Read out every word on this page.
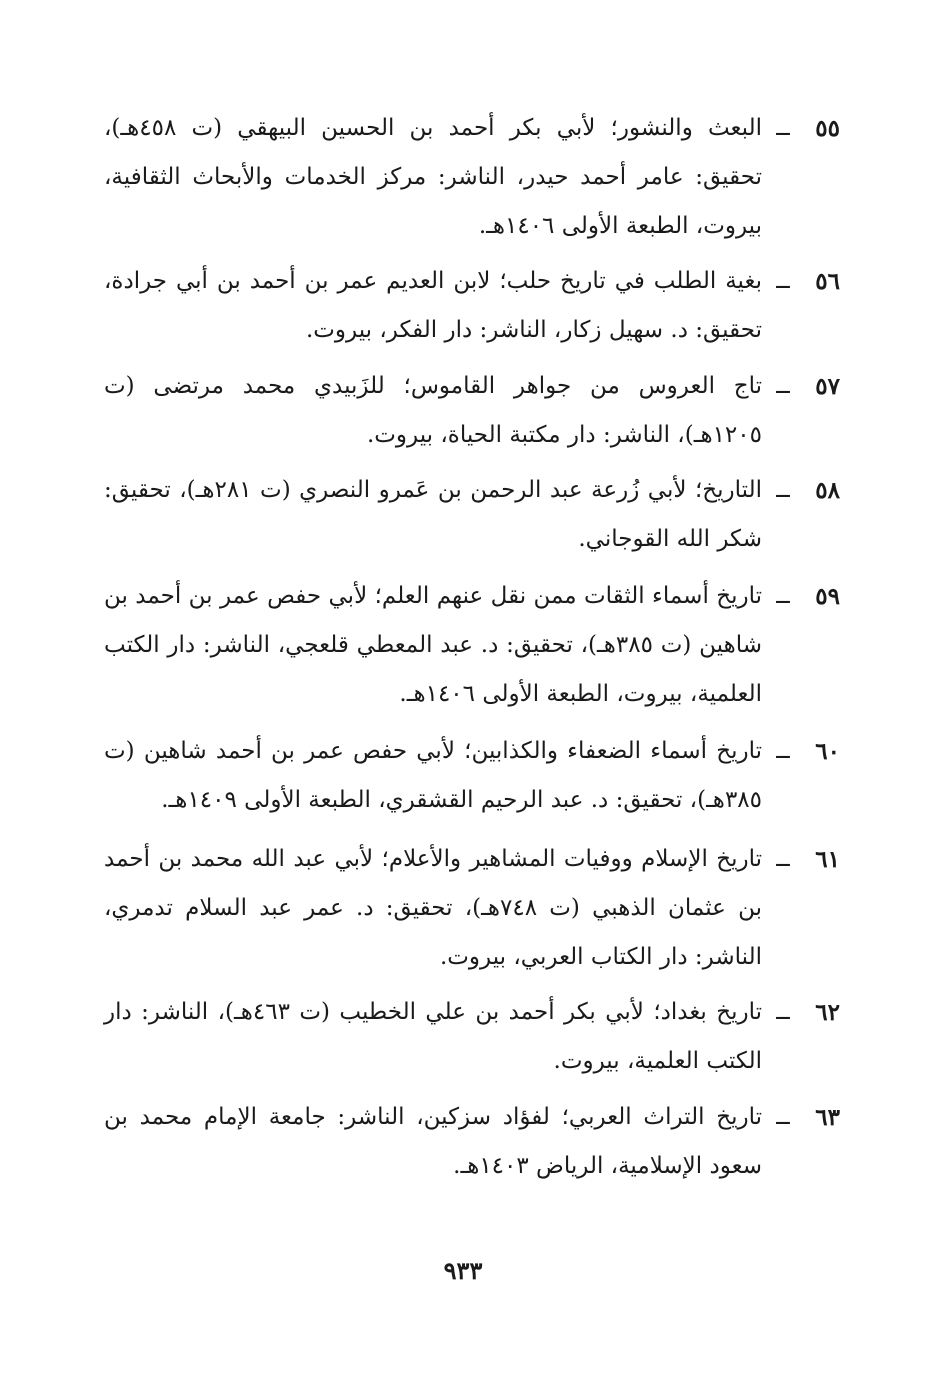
٥٥
ــ
البعث والنشور؛ لأبي بكر أحمد بن الحسين البيهقي (ت ٤٥٨هـ)، تحقيق: عامر أحمد حيدر، الناشر: مركز الخدمات والأبحاث الثقافية، بيروت، الطبعة الأولى ١٤٠٦هـ.
٥٦
ــ
بغية الطلب في تاريخ حلب؛ لابن العديم عمر بن أحمد بن أبي جرادة، تحقيق: د. سهيل زكار، الناشر: دار الفكر، بيروت.
٥٧
ــ
تاج العروس من جواهر القاموس؛ للزَبيدي محمد مرتضى (ت ١٢٠٥هـ)، الناشر: دار مكتبة الحياة، بيروت.
٥٨
ــ
التاريخ؛ لأبي زُرعة عبد الرحمن بن عَمرو النصري (ت ٢٨١هـ)، تحقيق: شكر الله القوجاني.
٥٩
ــ
تاريخ أسماء الثقات ممن نقل عنهم العلم؛ لأبي حفص عمر بن أحمد بن شاهين (ت ٣٨٥هـ)، تحقيق: د. عبد المعطي قلعجي، الناشر: دار الكتب العلمية، بيروت، الطبعة الأولى ١٤٠٦هـ.
٦٠
ــ
تاريخ أسماء الضعفاء والكذابين؛ لأبي حفص عمر بن أحمد شاهين (ت ٣٨٥هـ)، تحقيق: د. عبد الرحيم القشقري، الطبعة الأولى ١٤٠٩هـ.
٦١
ــ
تاريخ الإسلام ووفيات المشاهير والأعلام؛ لأبي عبد الله محمد بن أحمد بن عثمان الذهبي (ت ٧٤٨هـ)، تحقيق: د. عمر عبد السلام تدمري، الناشر: دار الكتاب العربي، بيروت.
٦٢
ــ
تاريخ بغداد؛ لأبي بكر أحمد بن علي الخطيب (ت ٤٦٣هـ)، الناشر: دار الكتب العلمية، بيروت.
٦٣
ــ
تاريخ التراث العربي؛ لفؤاد سزكين، الناشر: جامعة الإمام محمد بن سعود الإسلامية، الرياض ١٤٠٣هـ.
٩٣٣
